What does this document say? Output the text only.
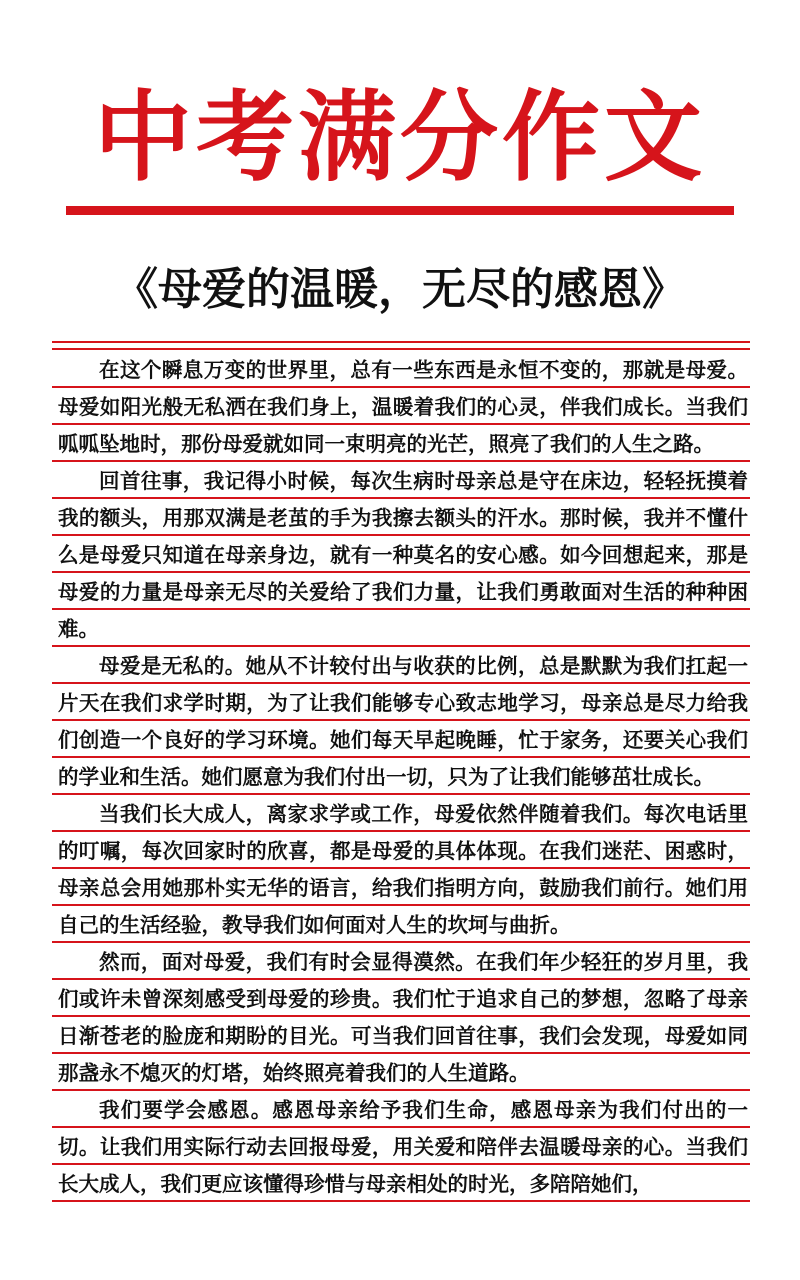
中考满分作文
《母爱的温暖，无尽的感恩》

在这个瞬息万变的世界里，总有一些东西是永恒不变的，那就是母爱。母爱如阳光般无私洒在我们身上，温暖着我们的心灵，伴我们成长。当我们呱呱坠地时，那份母爱就如同一束明亮的光芒，照亮了我们的人生之路。

回首往事，我记得小时候，每次生病时母亲总是守在床边，轻轻抚摸着我的额头，用那双满是老茧的手为我擦去额头的汗水。那时候，我并不懂什么是母爱只知道在母亲身边，就有一种莫名的安心感。如今回想起来，那是母爱的力量是母亲无尽的关爱给了我们力量，让我们勇敢面对生活的种种困难。

母爱是无私的。她从不计较付出与收获的比例，总是默默为我们扛起一片天在我们求学时期，为了让我们能够专心致志地学习，母亲总是尽力给我们创造一个良好的学习环境。她们每天早起晚睡，忙于家务，还要关心我们的学业和生活。她们愿意为我们付出一切，只为了让我们能够茁壮成长。

当我们长大成人，离家求学或工作，母爱依然伴随着我们。每次电话里的叮嘱，每次回家时的欣喜，都是母爱的具体体现。在我们迷茫、困惑时，母亲总会用她那朴实无华的语言，给我们指明方向，鼓励我们前行。她们用自己的生活经验，教导我们如何面对人生的坎坷与曲折。

然而，面对母爱，我们有时会显得漠然。在我们年少轻狂的岁月里，我们或许未曾深刻感受到母爱的珍贵。我们忙于追求自己的梦想，忽略了母亲日渐苍老的脸庞和期盼的目光。可当我们回首往事，我们会发现，母爱如同那盏永不熄灭的灯塔，始终照亮着我们的人生道路。

我们要学会感恩。感恩母亲给予我们生命，感恩母亲为我们付出的一切。让我们用实际行动去回报母爱，用关爱和陪伴去温暖母亲的心。当我们长大成人，我们更应该懂得珍惜与母亲相处的时光，多陪陪她们，
